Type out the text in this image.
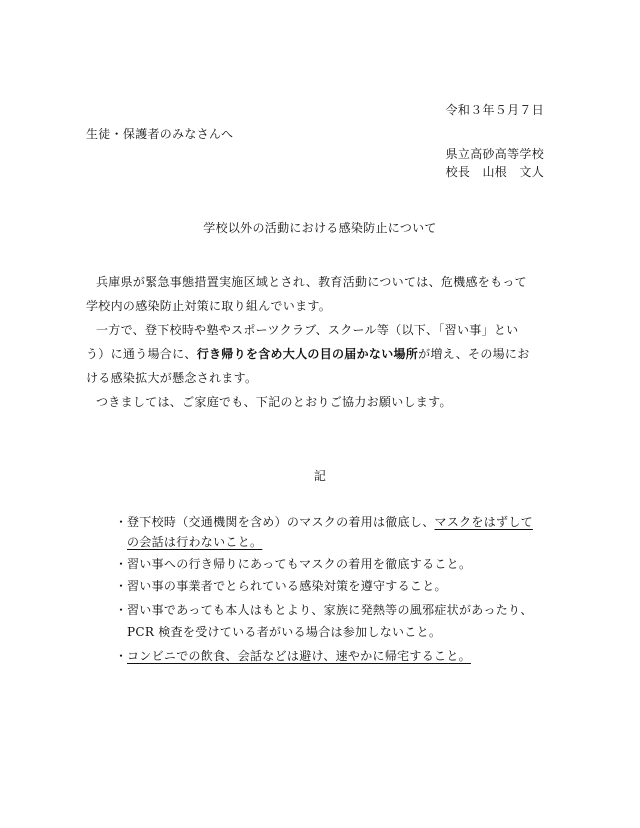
令和３年５月７日
生徒・保護者のみなさんへ
県立高砂高等学校
校長　山根　文人
学校以外の活動における感染防止について
兵庫県が緊急事態措置実施区域とされ、教育活動については、危機感をもって
学校内の感染防止対策に取り組んでいます。
一方で、登下校時や塾やスポーツクラブ、スクール等（以下、「習い事」とい
う）に通う場合に、行き帰りを含め大人の目の届かない場所が増え、その場にお
ける感染拡大が懸念されます。
つきましては、ご家庭でも、下記のとおりご協力お願いします。
記
・ 登下校時（交通機関を含め）のマスクの着用は徹底し、マスクをはずして
の会話は行わないこと。
・ 習い事への行き帰りにあってもマスクの着用を徹底すること。
・ 習い事の事業者でとられている感染対策を遵守すること。
・ 習い事であっても本人はもとより、家族に発熱等の風邪症状があったり、
PCR 検査を受けている者がいる場合は参加しないこと。
・ コンビニでの飲食、会話などは避け、速やかに帰宅すること。
